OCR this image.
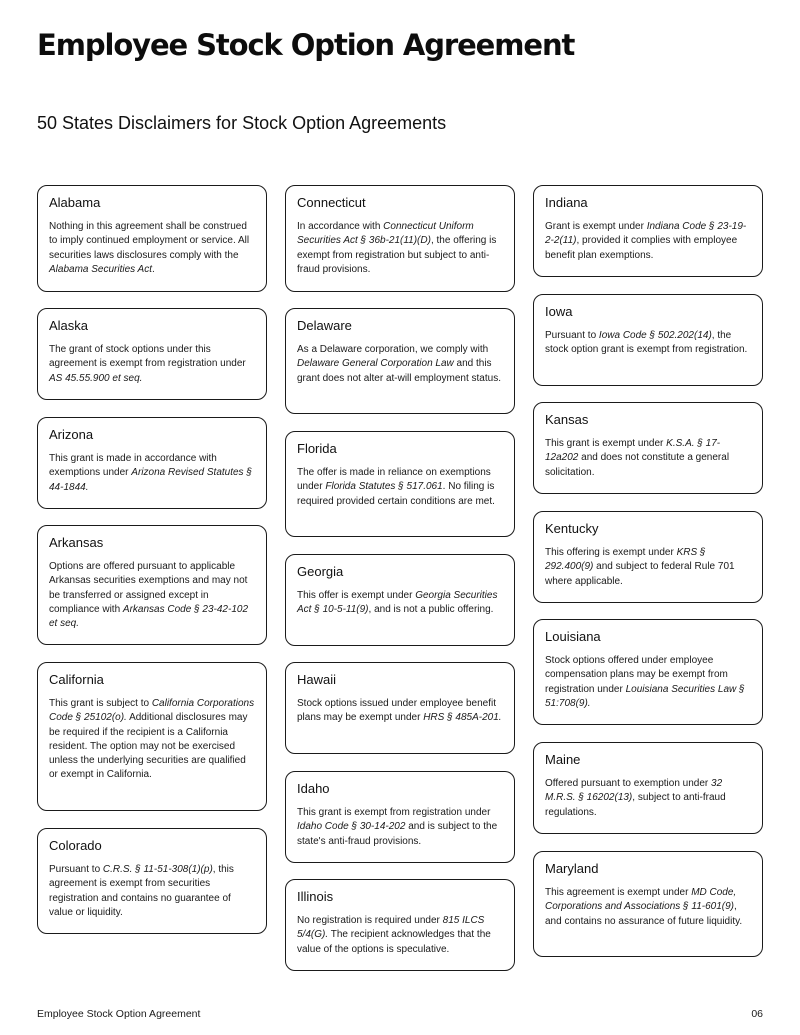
Employee Stock Option Agreement
50 States Disclaimers for Stock Option Agreements
Alabama

Nothing in this agreement shall be construed to imply continued employment or service. All securities laws disclosures comply with the Alabama Securities Act.

Alaska

The grant of stock options under this agreement is exempt from registration under AS 45.55.900 et seq.

Arizona

This grant is made in accordance with exemptions under Arizona Revised Statutes § 44-1844.

Arkansas

Options are offered pursuant to applicable Arkansas securities exemptions and may not be transferred or assigned except in compliance with Arkansas Code § 23-42-102 et seq.

California

This grant is subject to California Corporations Code § 25102(o). Additional disclosures may be required if the recipient is a California resident. The option may not be exercised unless the underlying securities are qualified or exempt in California.

Colorado

Pursuant to C.R.S. § 11-51-308(1)(p), this agreement is exempt from securities registration and contains no guarantee of value or liquidity.

Connecticut

In accordance with Connecticut Uniform Securities Act § 36b-21(11)(D), the offering is exempt from registration but subject to anti-fraud provisions.

Delaware

As a Delaware corporation, we comply with Delaware General Corporation Law and this grant does not alter at-will employment status.

Florida

The offer is made in reliance on exemptions under Florida Statutes § 517.061. No filing is required provided certain conditions are met.

Georgia

This offer is exempt under Georgia Securities Act § 10-5-11(9), and is not a public offering.

Hawaii

Stock options issued under employee benefit plans may be exempt under HRS § 485A-201.

Idaho

This grant is exempt from registration under Idaho Code § 30-14-202 and is subject to the state's anti-fraud provisions.

Illinois

No registration is required under 815 ILCS 5/4(G). The recipient acknowledges that the value of the options is speculative.

Indiana

Grant is exempt under Indiana Code § 23-19-2-2(11), provided it complies with employee benefit plan exemptions.

Iowa

Pursuant to Iowa Code § 502.202(14), the stock option grant is exempt from registration.

Kansas

This grant is exempt under K.S.A. § 17-12a202 and does not constitute a general solicitation.

Kentucky

This offering is exempt under KRS § 292.400(9) and subject to federal Rule 701 where applicable.

Louisiana

Stock options offered under employee compensation plans may be exempt from registration under Louisiana Securities Law § 51:708(9).

Maine

Offered pursuant to exemption under 32 M.R.S. § 16202(13), subject to anti-fraud regulations.

Maryland

This agreement is exempt under MD Code, Corporations and Associations § 11-601(9), and contains no assurance of future liquidity.

Employee Stock Option Agreement	06
